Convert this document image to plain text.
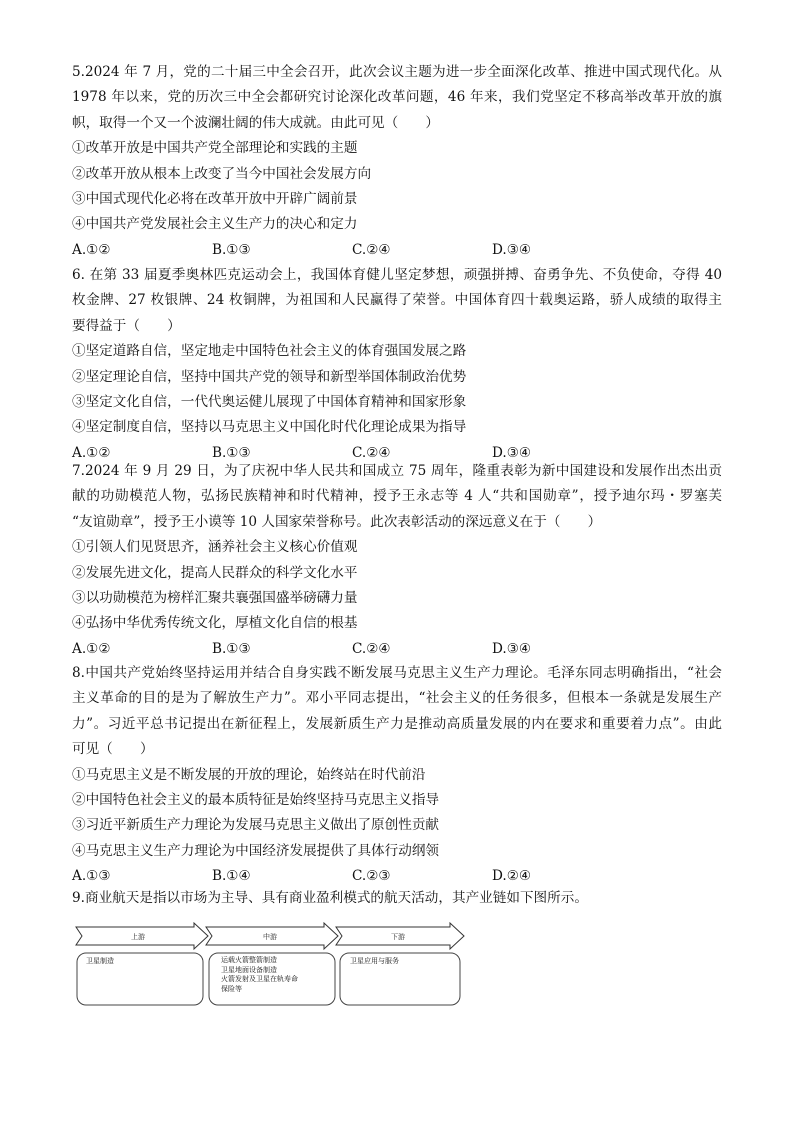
5.2024 年 7 月，党的二十届三中全会召开，此次会议主题为进一步全面深化改革、推进中国式现代化。从
1978 年以来，党的历次三中全会都研究讨论深化改革问题，46 年来，我们党坚定不移高举改革开放的旗
帜，取得一个又一个波澜壮阔的伟大成就。由此可见（　　）
①改革开放是中国共产党全部理论和实践的主题
②改革开放从根本上改变了当今中国社会发展方向
③中国式现代化必将在改革开放中开辟广阔前景
④中国共产党发展社会主义生产力的决心和定力
A.①②	B.①③	C.②④	D.③④
6. 在第 33 届夏季奥林匹克运动会上，我国体育健儿坚定梦想，顽强拼搏、奋勇争先、不负使命，夺得 40
枚金牌、27 枚银牌、24 枚铜牌，为祖国和人民赢得了荣誉。中国体育四十载奥运路，骄人成绩的取得主
要得益于（　　）
①坚定道路自信，坚定地走中国特色社会主义的体育强国发展之路
②坚定理论自信，坚持中国共产党的领导和新型举国体制政治优势
③坚定文化自信，一代代奥运健儿展现了中国体育精神和国家形象
④坚定制度自信，坚持以马克思主义中国化时代化理论成果为指导
A.①②	B.①③	C.②④	D.③④
7.2024 年 9 月 29 日，为了庆祝中华人民共和国成立 75 周年，隆重表彰为新中国建设和发展作出杰出贡
献的功勋模范人物，弘扬民族精神和时代精神，授予王永志等 4 人“共和国勋章”，授予迪尔玛・罗塞芙
“友谊勋章”，授予王小谟等 10 人国家荣誉称号。此次表彰活动的深远意义在于（　　）
①引领人们见贤思齐，涵养社会主义核心价值观
②发展先进文化，提高人民群众的科学文化水平
③以功勋模范为榜样汇聚共襄强国盛举磅礴力量
④弘扬中华优秀传统文化，厚植文化自信的根基
A.①②	B.①③	C.②④	D.③④
8.中国共产党始终坚持运用并结合自身实践不断发展马克思主义生产力理论。毛泽东同志明确指出，“社会
主义革命的目的是为了解放生产力”。邓小平同志提出，“社会主义的任务很多，但根本一条就是发展生产
力”。习近平总书记提出在新征程上，发展新质生产力是推动高质量发展的内在要求和重要着力点”。由此
可见（　　）
①马克思主义是不断发展的开放的理论，始终站在时代前沿
②中国特色社会主义的最本质特征是始终坚持马克思主义指导
③习近平新质生产力理论为发展马克思主义做出了原创性贡献
④马克思主义生产力理论为中国经济发展提供了具体行动纲领
A.①③	B.①④	C.②③	D.②④
9.商业航天是指以市场为主导、具有商业盈利模式的航天活动，其产业链如下图所示。
上游	中游	下游
卫星制造	运载火箭整箭制造
卫星地面设备制造
火箭发射及卫星在轨寿命
保险等
卫星应用与服务
